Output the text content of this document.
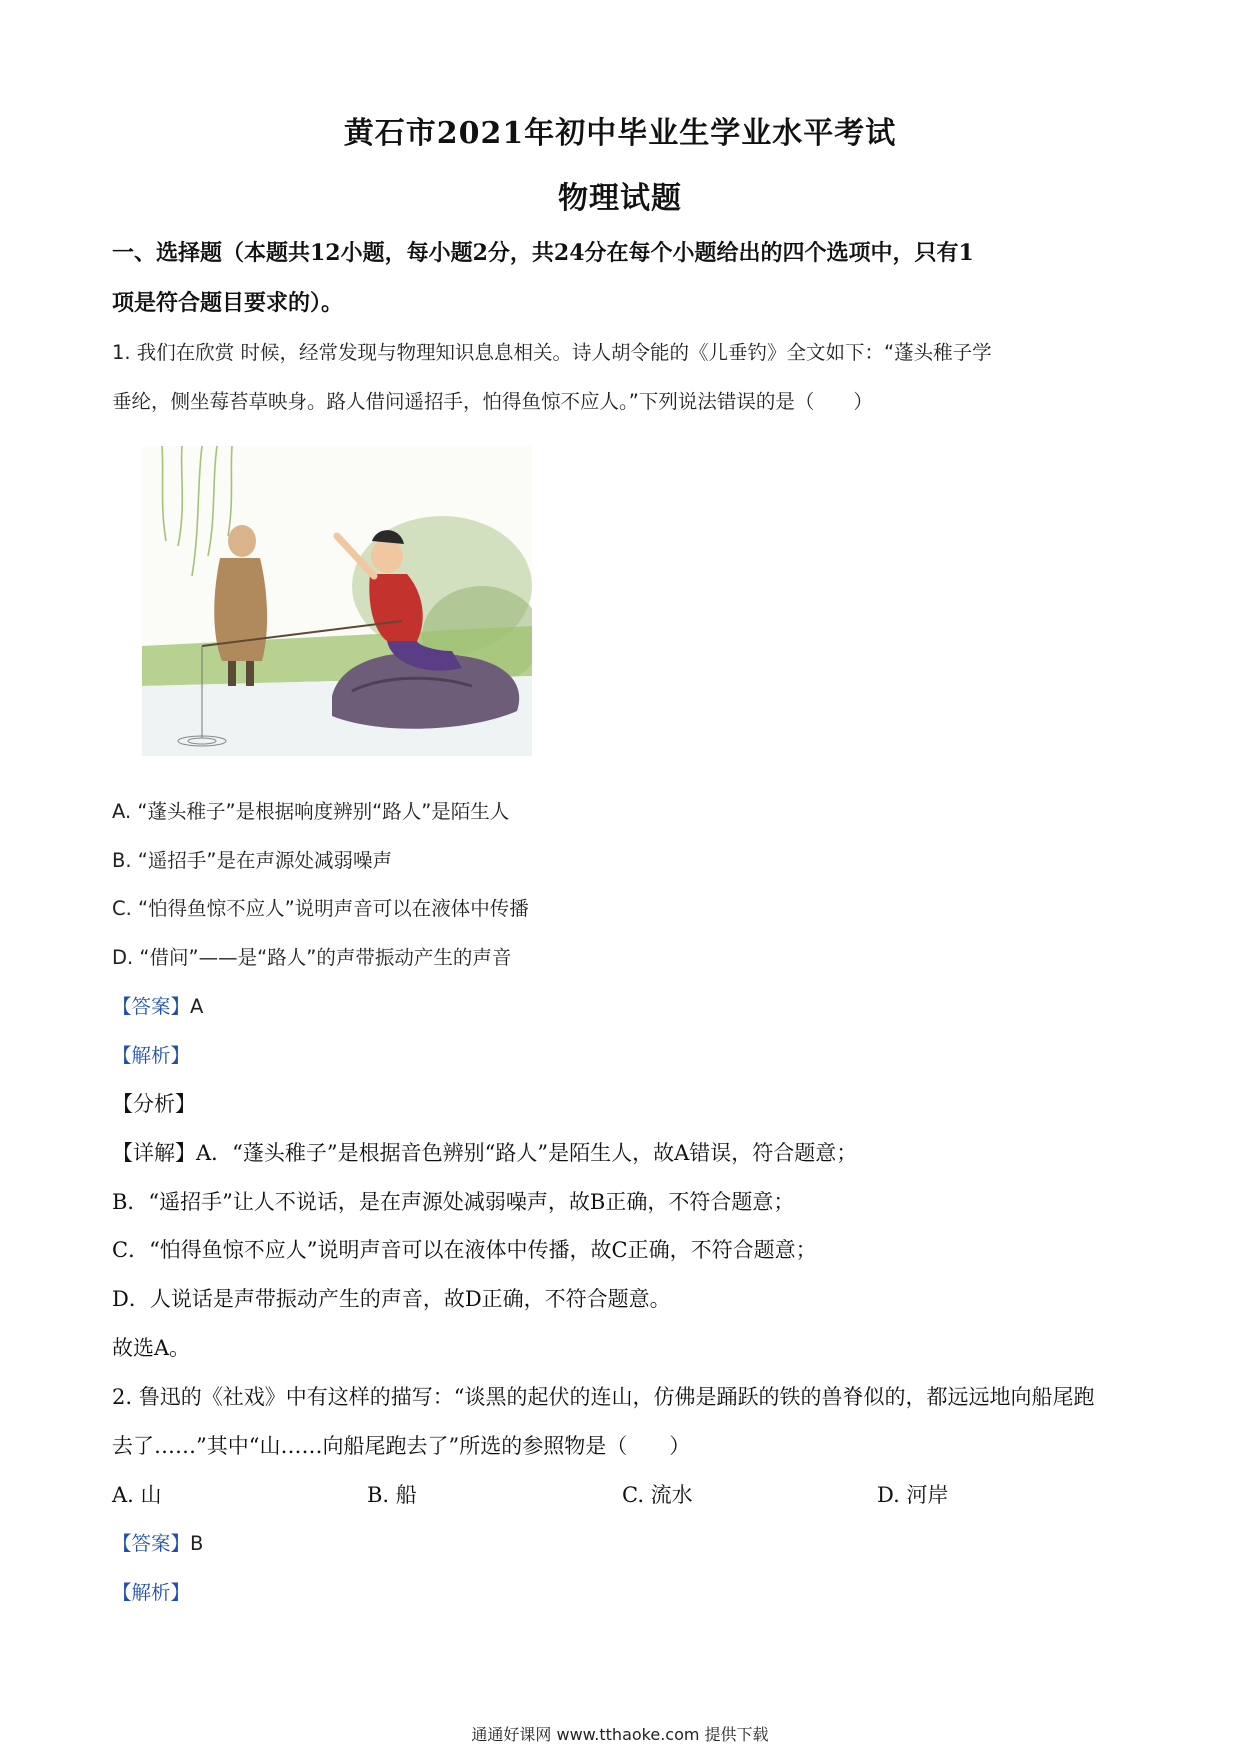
黄石市2021年初中毕业生学业水平考试
物理试题
一、选择题（本题共12小题，每小题2分，共24分在每个小题给出的四个选项中，只有1
项是符合题目要求的）。
1. 我们在欣赏 时候，经常发现与物理知识息息相关。诗人胡令能的《儿垂钓》全文如下：“蓬头稚子学
垂纶，侧坐莓苔草映身。路人借问遥招手，怕得鱼惊不应人。”下列说法错误的是（　　）
A. “蓬头稚子”是根据响度辨别“路人”是陌生人
B. “遥招手”是在声源处减弱噪声
C. “怕得鱼惊不应人”说明声音可以在液体中传播
D. “借问”——是“路人”的声带振动产生的声音
【答案】A
【解析】
【分析】
【详解】A．“蓬头稚子”是根据音色辨别“路人”是陌生人，故A错误，符合题意；
B．“遥招手”让人不说话，是在声源处减弱噪声，故B正确，不符合题意；
C．“怕得鱼惊不应人”说明声音可以在液体中传播，故C正确，不符合题意；
D．人说话是声带振动产生的声音，故D正确，不符合题意。
故选A。
2. 鲁迅的《社戏》中有这样的描写：“谈黑的起伏的连山，仿佛是踊跃的铁的兽脊似的，都远远地向船尾跑
去了……”其中“山……向船尾跑去了”所选的参照物是（　　）
A. 山	B. 船	C. 流水	D. 河岸
【答案】B
【解析】
通通好课网 www.tthaoke.com 提供下载
